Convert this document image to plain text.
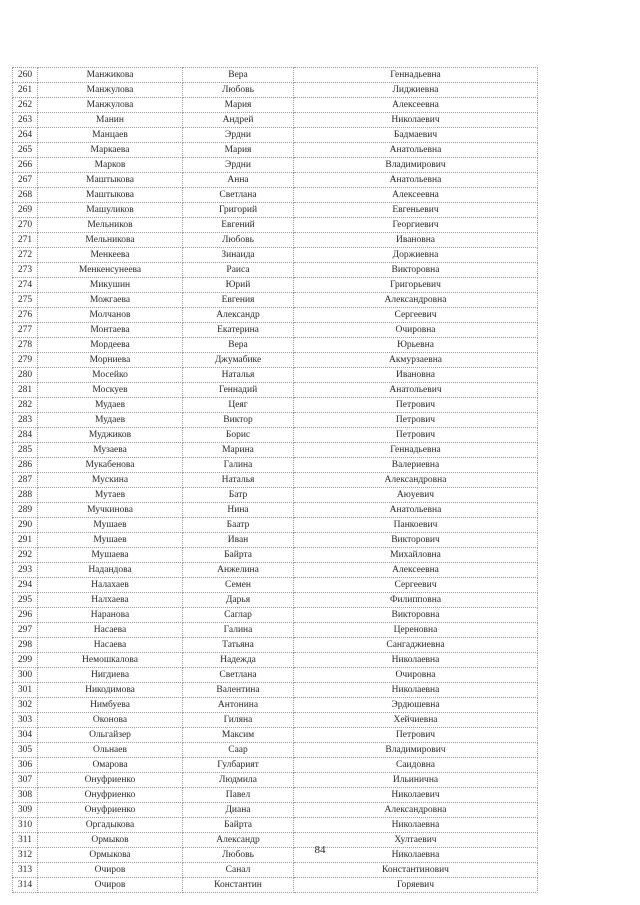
260	Манжикова	Вера	Геннадьевна
261	Манжулова	Любовь	Лиджиевна
262	Манжулова	Мария	Алексеевна
263	Манин	Андрей	Николаевич
264	Манцаев	Эрдни	Бадмаевич
265	Маркаева	Мария	Анатольевна
266	Марков	Эрдни	Владимирович
267	Маштыкова	Анна	Анатольевна
268	Маштыкова	Светлана	Алексеевна
269	Машуликов	Григорий	Евгеньевич
270	Мельников	Евгений	Георгиевич
271	Мельникова	Любовь	Ивановна
272	Менкеева	Зинаида	Доржиевна
273	Менкенсунеева	Раиса	Викторовна
274	Микушин	Юрий	Григорьевич
275	Можгаева	Евгения	Александровна
276	Молчанов	Александр	Сергеевич
277	Монтаева	Екатерина	Очировна
278	Мордеева	Вера	Юрьевна
279	Морниева	Джумабике	Акмурзаевна
280	Мосейко	Наталья	Ивановна
281	Москуев	Геннадий	Анатольевич
282	Мудаев	Цеяг	Петрович
283	Мудаев	Виктор	Петрович
284	Муджиков	Борис	Петрович
285	Музаева	Марина	Геннадьевна
286	Мукабенова	Галина	Валериевна
287	Мускина	Наталья	Александровна
288	Мутаев	Батр	Аюуевич
289	Мучкинова	Нина	Анатольевна
290	Мушаев	Баатр	Панкоевич
291	Мушаев	Иван	Викторович
292	Мушаева	Байрта	Михайловна
293	Надандова	Анжелина	Алексеевна
294	Налахаев	Семен	Сергеевич
295	Налхаева	Дарья	Филипповна
296	Наранова	Саглар	Викторовна
297	Насаева	Галина	Цереновна
298	Насаева	Татьяна	Сангаджиевна
299	Немошкалова	Надежда	Николаевна
300	Нигдиева	Светлана	Очировна
301	Никодимова	Валентина	Николаевна
302	Нимбуева	Антонина	Эрдюшевна
303	Оконова	Гиляна	Хейчиевна
304	Ольгайзер	Максим	Петрович
305	Ольнаев	Саар	Владимирович
306	Омарова	Гулбарият	Саидовна
307	Онуфриенко	Людмила	Ильинична
308	Онуфриенко	Павел	Николаевич
309	Онуфриенко	Диана	Александровна
310	Оргадыкова	Байрта	Николаевна
311	Ормыков	Александр	Хултаевич
312	Ормыкова	Любовь	Николаевна
313	Очиров	Санал	Константинович
314	Очиров	Константин	Горяевич
84
